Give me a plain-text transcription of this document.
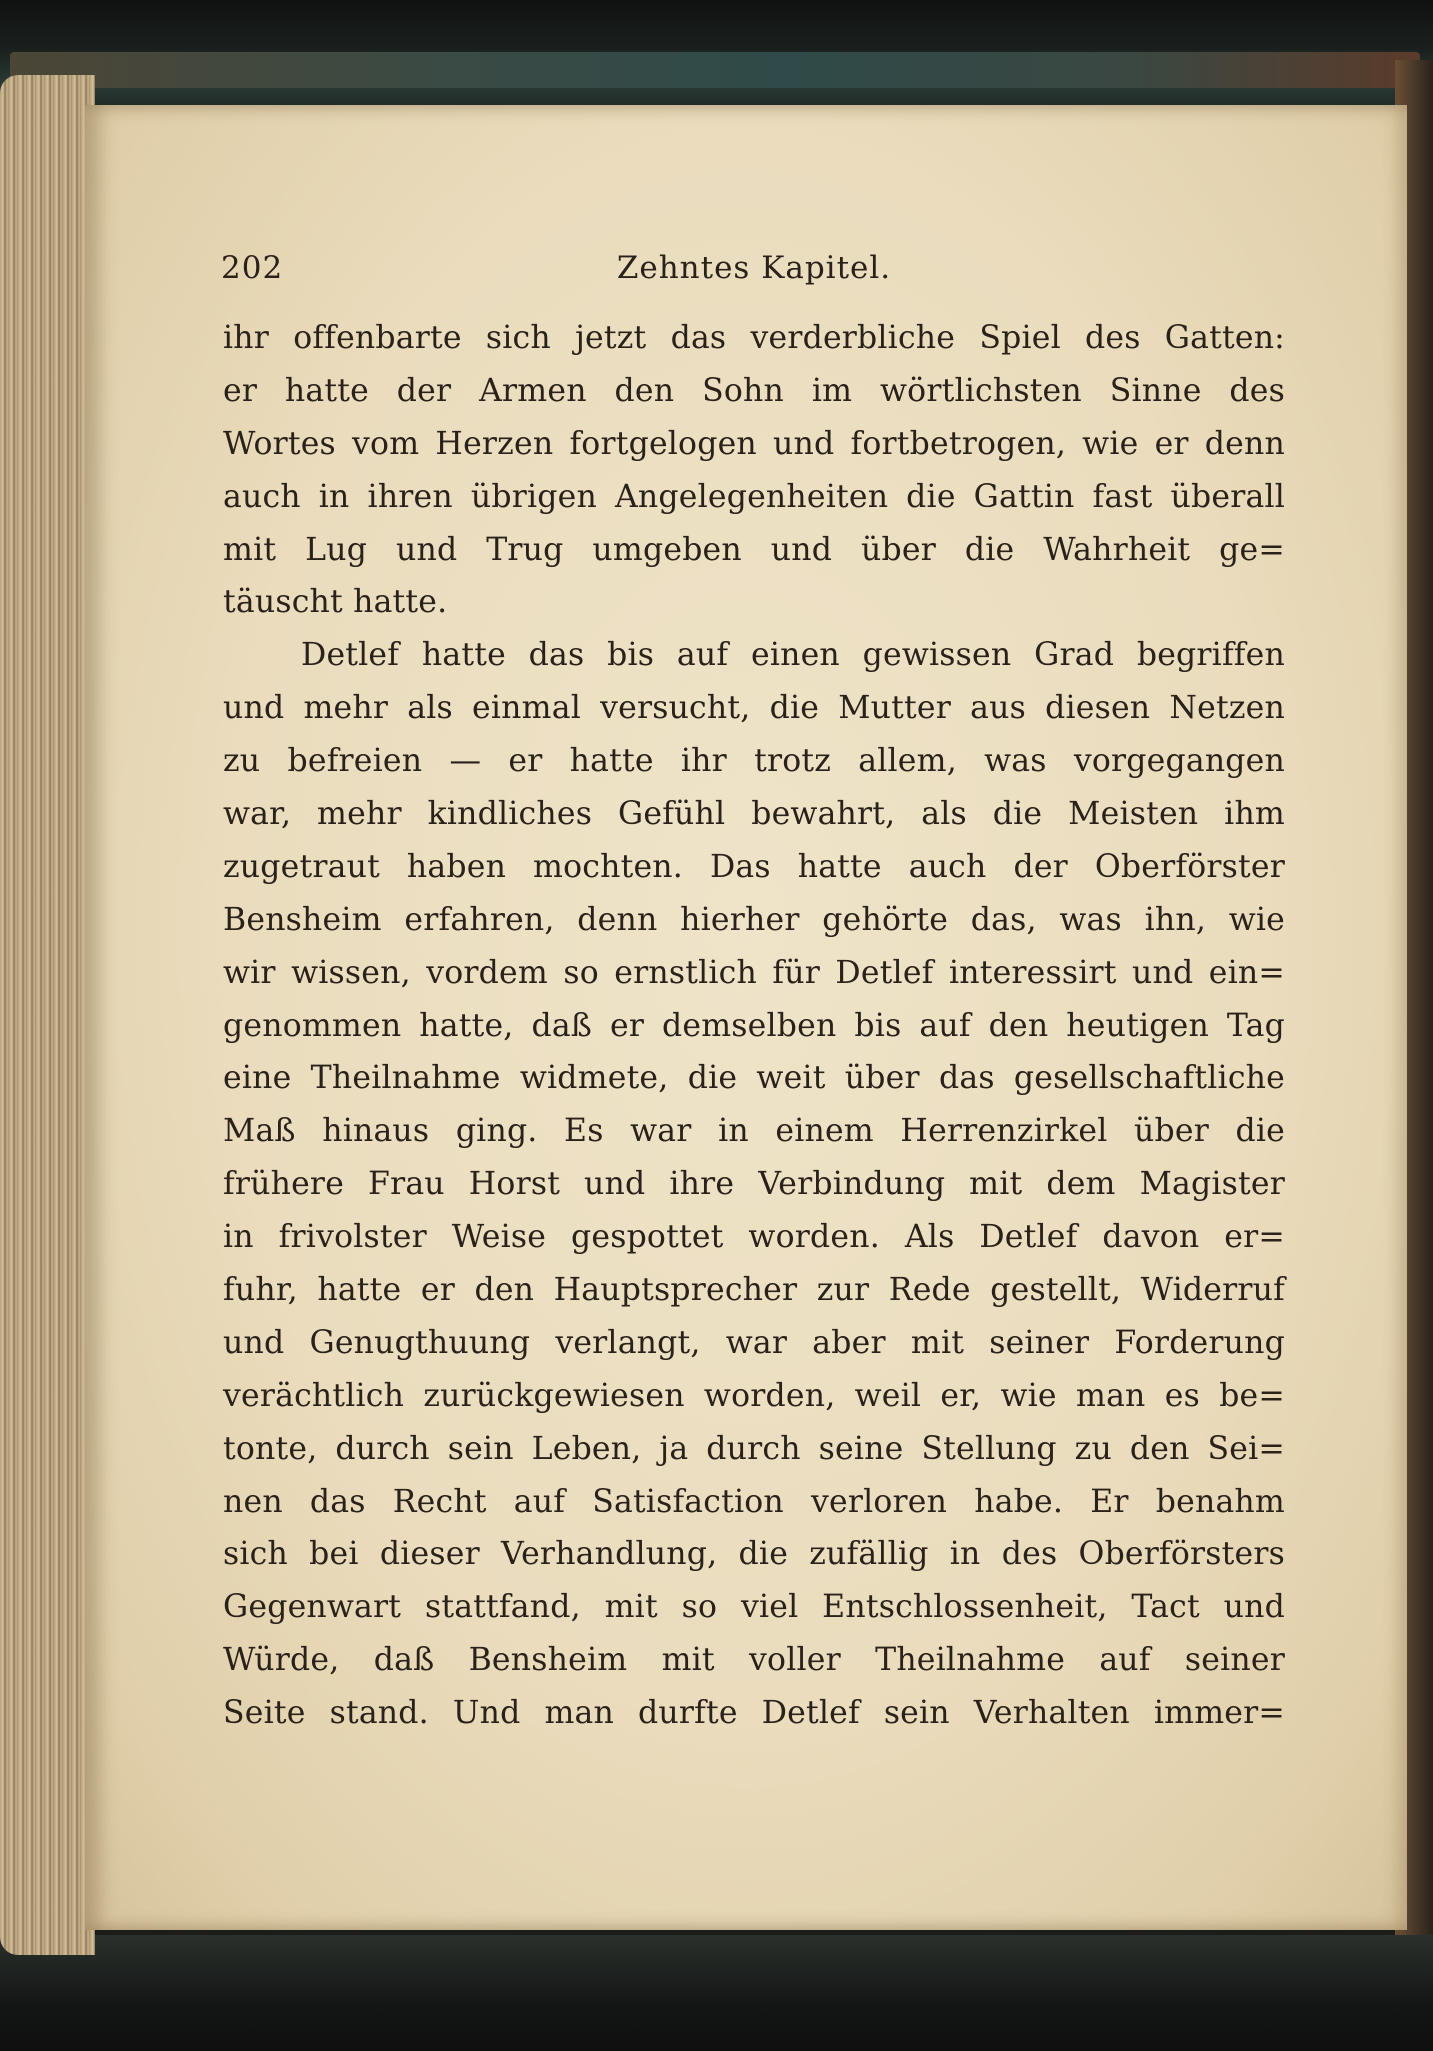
202	Zehntes Kapitel.
ihr offenbarte sich jetzt das verderbliche Spiel des Gatten:
er hatte der Armen den Sohn im wörtlichsten Sinne des
Wortes vom Herzen fortgelogen und fortbetrogen, wie er denn
auch in ihren übrigen Angelegenheiten die Gattin fast überall
mit Lug und Trug umgeben und über die Wahrheit ge=
täuscht hatte.
Detlef hatte das bis auf einen gewissen Grad begriffen
und mehr als einmal versucht, die Mutter aus diesen Netzen
zu befreien — er hatte ihr trotz allem, was vorgegangen
war, mehr kindliches Gefühl bewahrt, als die Meisten ihm
zugetraut haben mochten. Das hatte auch der Oberförster
Bensheim erfahren, denn hierher gehörte das, was ihn, wie
wir wissen, vordem so ernstlich für Detlef interessirt und ein=
genommen hatte, daß er demselben bis auf den heutigen Tag
eine Theilnahme widmete, die weit über das gesellschaftliche
Maß hinaus ging. Es war in einem Herrenzirkel über die
frühere Frau Horst und ihre Verbindung mit dem Magister
in frivolster Weise gespottet worden. Als Detlef davon er=
fuhr, hatte er den Hauptsprecher zur Rede gestellt, Widerruf
und Genugthuung verlangt, war aber mit seiner Forderung
verächtlich zurückgewiesen worden, weil er, wie man es be=
tonte, durch sein Leben, ja durch seine Stellung zu den Sei=
nen das Recht auf Satisfaction verloren habe. Er benahm
sich bei dieser Verhandlung, die zufällig in des Oberförsters
Gegenwart stattfand, mit so viel Entschlossenheit, Tact und
Würde, daß Bensheim mit voller Theilnahme auf seiner
Seite stand. Und man durfte Detlef sein Verhalten immer=
